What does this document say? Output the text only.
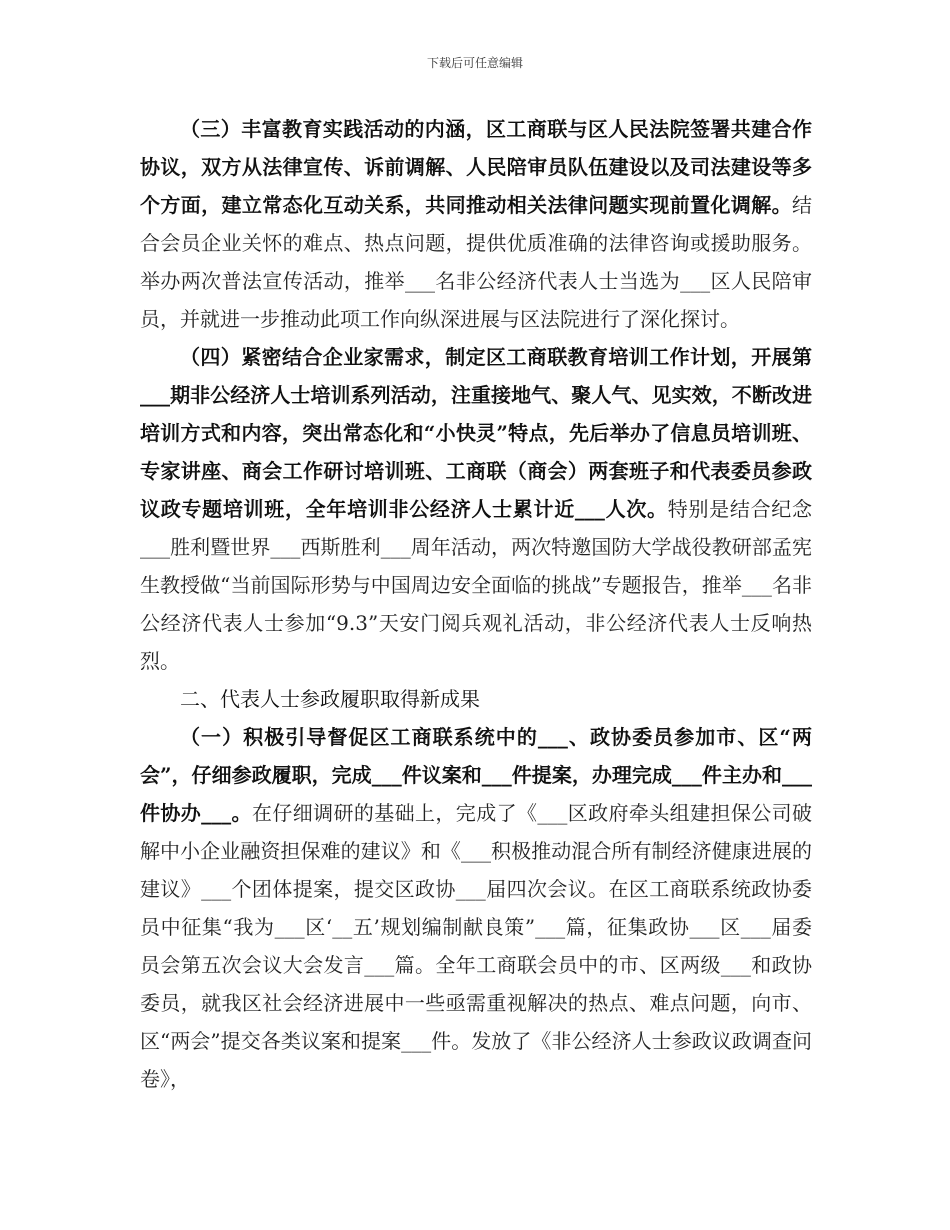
下载后可任意编辑

（三）丰富教育实践活动的内涵，区工商联与区人民法院签署共建合作协议，双方从法律宣传、诉前调解、人民陪审员队伍建设以及司法建设等多个方面，建立常态化互动关系，共同推动相关法律问题实现前置化调解。结合会员企业关怀的难点、热点问题，提供优质准确的法律咨询或援助服务。举办两次普法宣传活动，推举___名非公经济代表人士当选为___区人民陪审员，并就进一步推动此项工作向纵深进展与区法院进行了深化探讨。

（四）紧密结合企业家需求，制定区工商联教育培训工作计划，开展第___期非公经济人士培训系列活动，注重接地气、聚人气、见实效，不断改进培训方式和内容，突出常态化和“小快灵”特点，先后举办了信息员培训班、专家讲座、商会工作研讨培训班、工商联（商会）两套班子和代表委员参政议政专题培训班，全年培训非公经济人士累计近___人次。特别是结合纪念___胜利暨世界___西斯胜利___周年活动，两次特邀国防大学战役教研部孟宪生教授做“当前国际形势与中国周边安全面临的挑战”专题报告，推举___名非公经济代表人士参加“9.3”天安门阅兵观礼活动，非公经济代表人士反响热烈。

二、代表人士参政履职取得新成果

（一）积极引导督促区工商联系统中的___、政协委员参加市、区“两会”，仔细参政履职，完成___件议案和___件提案，办理完成___件主办和___件协办___。在仔细调研的基础上，完成了《___区政府牵头组建担保公司破解中小企业融资担保难的建议》和《___积极推动混合所有制经济健康进展的建议》___个团体提案，提交区政协___届四次会议。在区工商联系统政协委员中征集“我为___区‘__五’规划编制献良策”___篇，征集政协___区___届委员会第五次会议大会发言___篇。全年工商联会员中的市、区两级___和政协委员，就我区社会经济进展中一些亟需重视解决的热点、难点问题，向市、区“两会”提交各类议案和提案___件。发放了《非公经济人士参政议政调查问卷》，
